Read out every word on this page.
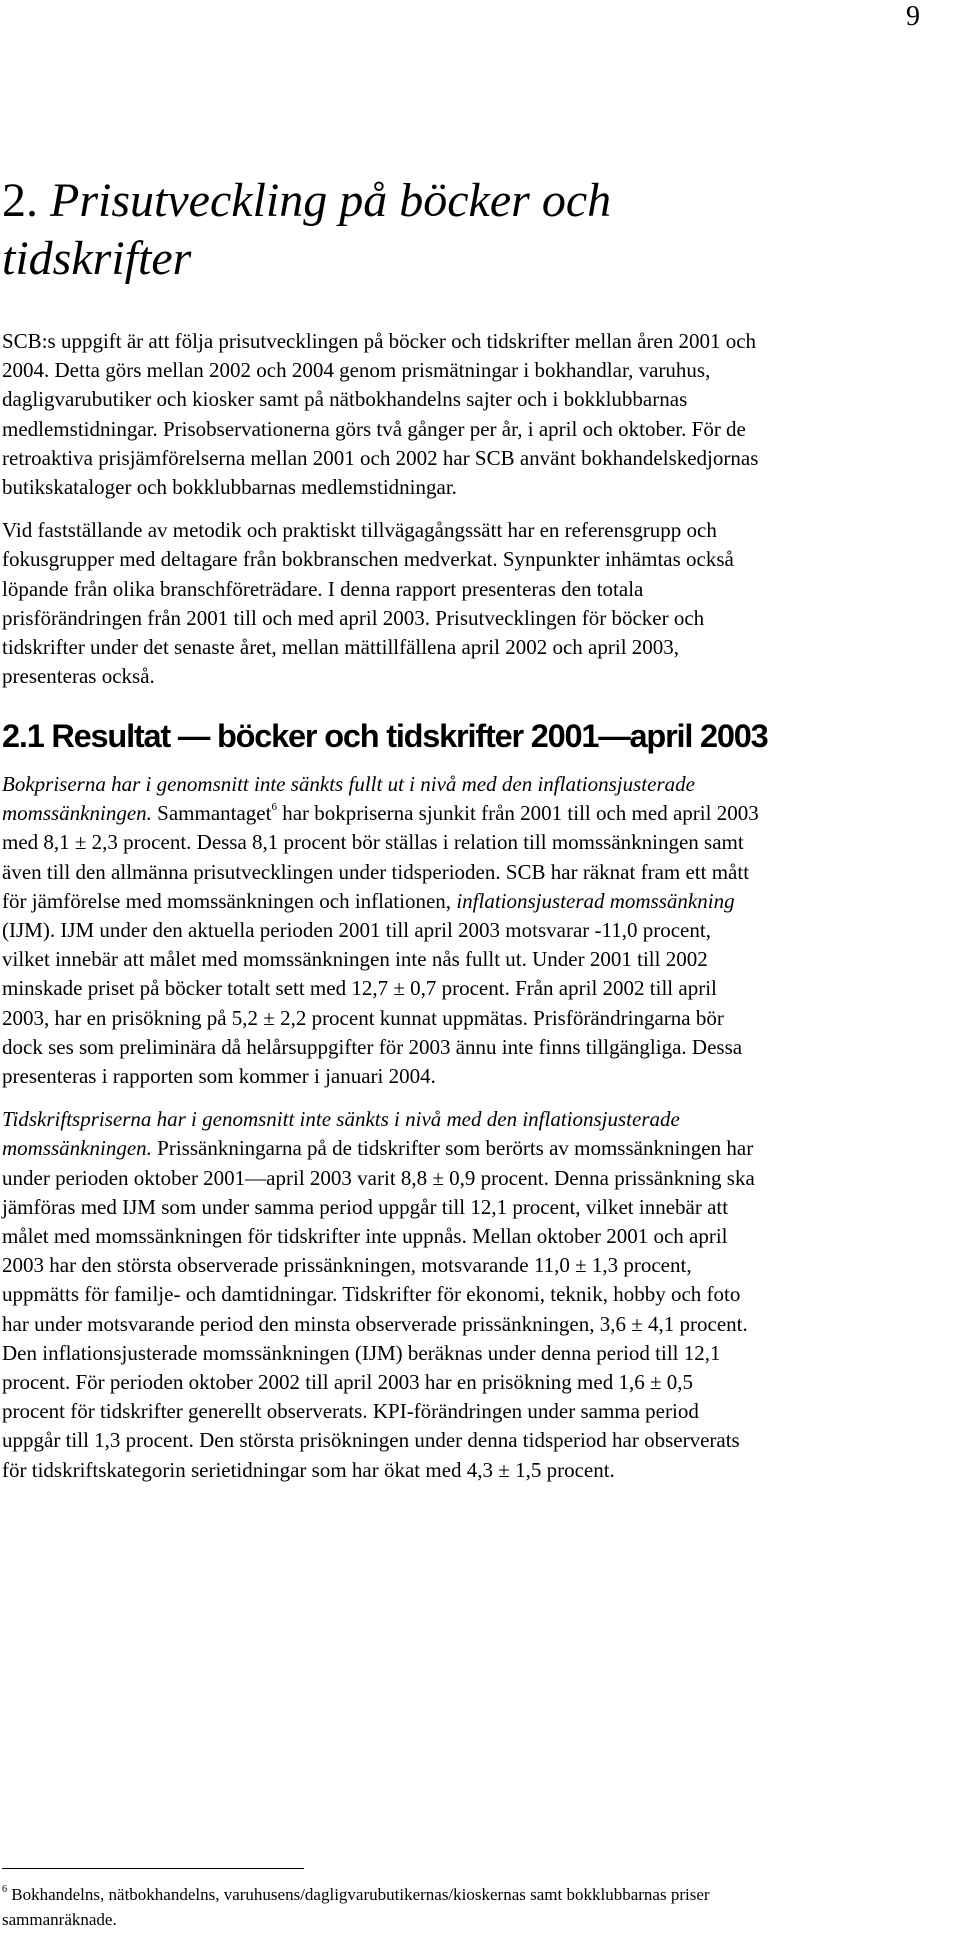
9
2. Prisutveckling på böcker och tidskrifter

SCB:s uppgift är att följa prisutvecklingen på böcker och tidskrifter mellan åren 2001 och 2004. Detta görs mellan 2002 och 2004 genom prismätningar i bokhandlar, varuhus, dagligvarubutiker och kiosker samt på nätbokhandelns sajter och i bokklubbarnas medlemstidningar. Prisobservationerna görs två gånger per år, i april och oktober. För de retroaktiva prisjämförelserna mellan 2001 och 2002 har SCB använt bokhandelskedjornas butikskataloger och bokklubbarnas medlemstidningar.

Vid fastställande av metodik och praktiskt tillvägagångssätt har en referensgrupp och fokusgrupper med deltagare från bokbranschen medverkat. Synpunkter inhämtas också löpande från olika branschföreträdare. I denna rapport presenteras den totala prisförändringen från 2001 till och med april 2003. Prisutvecklingen för böcker och tidskrifter under det senaste året, mellan mättillfällena april 2002 och april 2003, presenteras också.

2.1 Resultat — böcker och tidskrifter 2001—april 2003

Bokpriserna har i genomsnitt inte sänkts fullt ut i nivå med den inflationsjusterade momssänkningen. Sammantaget$^6$ har bokpriserna sjunkit från 2001 till och med april 2003 med 8,1 ± 2,3 procent. Dessa 8,1 procent bör ställas i relation till momssänkningen samt även till den allmänna prisutvecklingen under tidsperioden. SCB har räknat fram ett mått för jämförelse med momssänkningen och inflationen, inflationsjusterad momssänkning (IJM). IJM under den aktuella perioden 2001 till april 2003 motsvarar -11,0 procent, vilket innebär att målet med momssänkningen inte nås fullt ut. Under 2001 till 2002 minskade priset på böcker totalt sett med 12,7 ± 0,7 procent. Från april 2002 till april 2003, har en prisökning på 5,2 ± 2,2 procent kunnat uppmätas. Prisförändringarna bör dock ses som preliminära då helårsuppgifter för 2003 ännu inte finns tillgängliga. Dessa presenteras i rapporten som kommer i januari 2004.

Tidskriftspriserna har i genomsnitt inte sänkts i nivå med den inflationsjusterade momssänkningen. Prissänkningarna på de tidskrifter som berörts av momssänkningen har under perioden oktober 2001—april 2003 varit 8,8 ± 0,9 procent. Denna prissänkning ska jämföras med IJM som under samma period uppgår till 12,1 procent, vilket innebär att målet med momssänkningen för tidskrifter inte uppnås. Mellan oktober 2001 och april 2003 har den största observerade prissänkningen, motsvarande 11,0 ± 1,3 procent, uppmätts för familje- och damtidningar. Tidskrifter för ekonomi, teknik, hobby och foto har under motsvarande period den minsta observerade prissänkningen, 3,6 ± 4,1 procent. Den inflationsjusterade momssänkningen (IJM) beräknas under denna period till 12,1 procent. För perioden oktober 2002 till april 2003 har en prisökning med 1,6 ± 0,5 procent för tidskrifter generellt observerats. KPI-förändringen under samma period uppgår till 1,3 procent. Den största prisökningen under denna tidsperiod har observerats för tidskriftskategorin serietidningar som har ökat med 4,3 ± 1,5 procent.

$^6$ Bokhandelns, nätbokhandelns, varuhusens/dagligvarubutikernas/kioskernas samt bokklubbarnas priser sammanräknade.
